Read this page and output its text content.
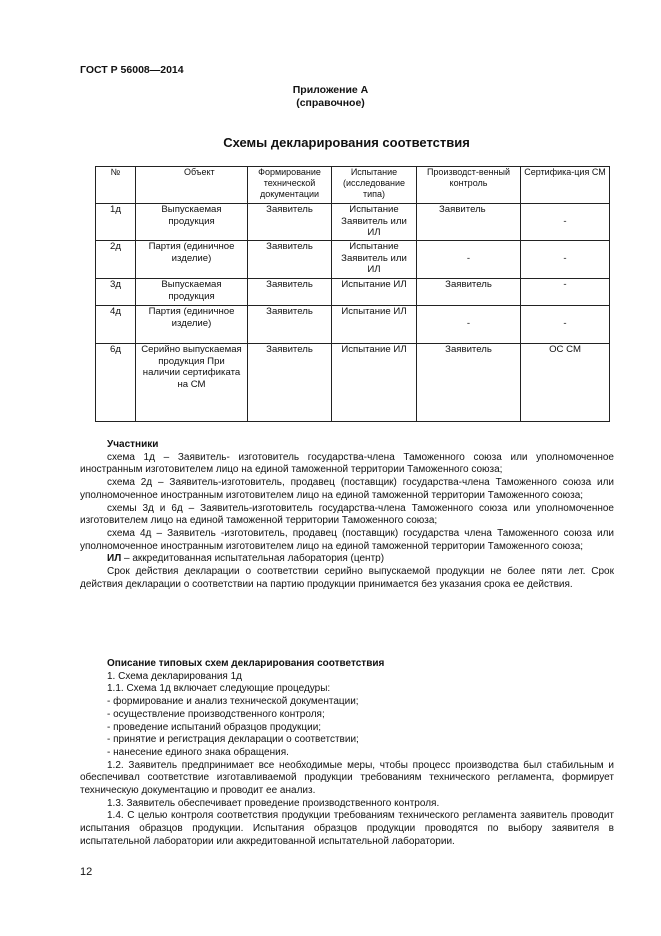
ГОСТ Р 56008—2014
Приложение А
(справочное)
Схемы декларирования соответствия
№	Объект	Формирование технической документации	Испытание (исследование типа)	Производст-венный контроль	Сертифика-ция СМ
1д	Выпускаемая продукция	Заявитель	Испытание Заявитель или ИЛ	Заявитель	-
2д	Партия (единичное изделие)	Заявитель	Испытание Заявитель или ИЛ	-	-
3д	Выпускаемая продукция	Заявитель	Испытание ИЛ	Заявитель	-
4д	Партия (единичное изделие)	Заявитель	Испытание ИЛ	-	-
6д	Серийно выпускаемая продукция При наличии сертификата на СМ	Заявитель	Испытание ИЛ	Заявитель	ОС СМ

Участники

схема 1д – Заявитель- изготовитель государства-члена Таможенного союза или уполномоченное иностранным изготовителем лицо на единой таможенной территории Таможенного союза;

схема 2д – Заявитель-изготовитель, продавец (поставщик) государства-члена Таможенного союза или уполномоченное иностранным изготовителем лицо на единой таможенной территории Таможенного союза;

схемы 3д и 6д – Заявитель-изготовитель государства-члена Таможенного союза или уполномоченное изготовителем лицо на единой таможенной территории Таможенного союза;

схема 4д – Заявитель -изготовитель, продавец (поставщик) государства члена Таможенного союза или уполномоченное иностранным изготовителем лицо на единой таможенной территории Таможенного союза;

ИЛ – аккредитованная испытательная лаборатория (центр)

Срок действия декларации о соответствии серийно выпускаемой продукции не более пяти лет. Срок действия декларации о соответствии на партию продукции принимается без указания срока ее действия.

Описание типовых схем декларирования соответствия

1. Схема декларирования 1д

1.1. Схема 1д включает следующие процедуры:

- формирование и анализ технической документации;

- осуществление производственного контроля;

- проведение испытаний образцов продукции;

- принятие и регистрация декларации о соответствии;

- нанесение единого знака обращения.

1.2. Заявитель предпринимает все необходимые меры, чтобы процесс производства был стабильным и обеспечивал соответствие изготавливаемой продукции требованиям технического регламента, формирует техническую документацию и проводит ее анализ.

1.3. Заявитель обеспечивает проведение производственного контроля.

1.4. С целью контроля соответствия продукции требованиям технического регламента заявитель проводит испытания образцов продукции. Испытания образцов продукции проводятся по выбору заявителя в испытательной лаборатории или аккредитованной испытательной лаборатории.

12
